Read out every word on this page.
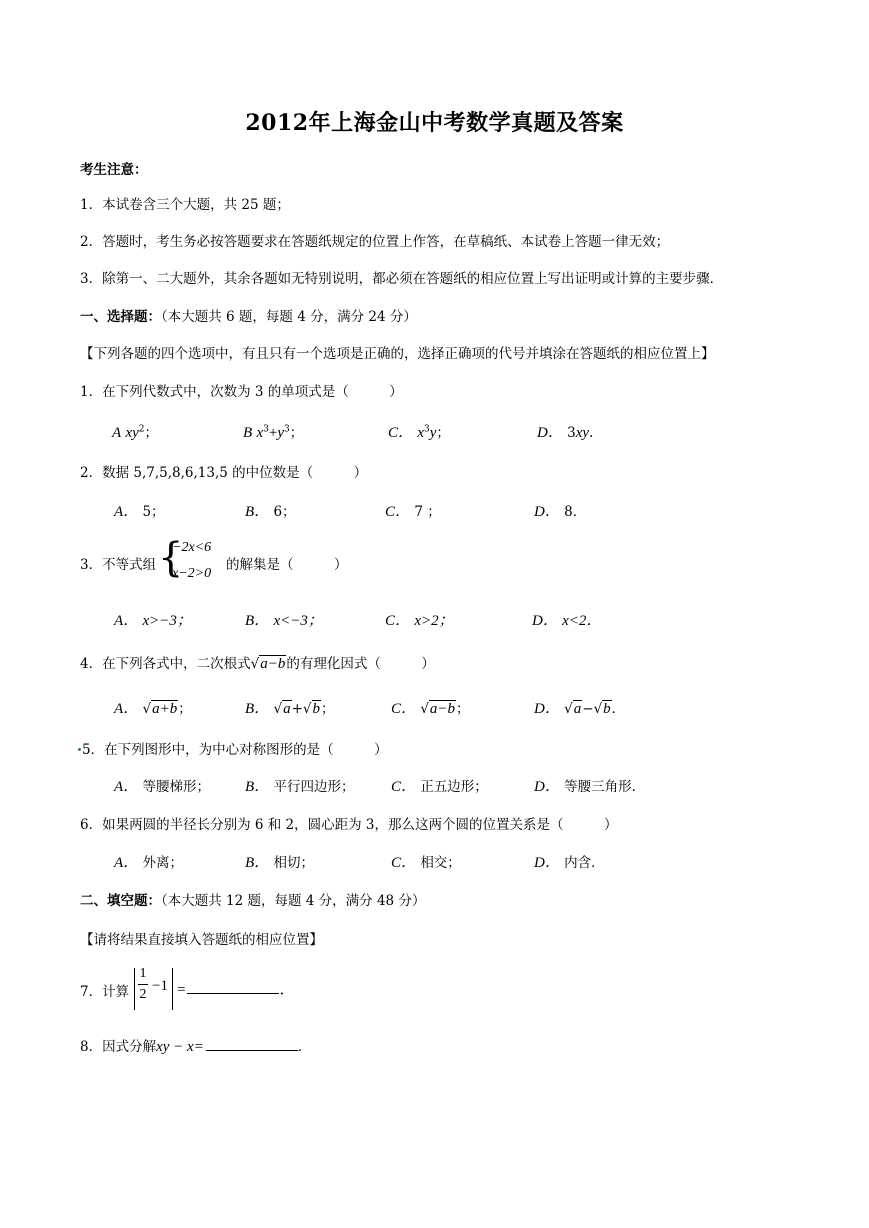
2012年上海金山中考数学真题及答案
考生注意：
1．本试卷含三个大题，共 25 题；
2．答题时，考生务必按答题要求在答题纸规定的位置上作答，在草稿纸、本试卷上答题一律无效；
3．除第一、二大题外，其余各题如无特别说明，都必须在答题纸的相应位置上写出证明或计算的主要步骤．
一、选择题：（本大题共 6 题，每题 4 分，满分 24 分）
【下列各题的四个选项中，有且只有一个选项是正确的，选择正确项的代号并填涂在答题纸的相应位置上】
1．在下列代数式中，次数为 3 的单项式是（　　　）
A $xy^2$；	B $x^3+y^3$；	C． $x^3y$；	D． 3xy．
2．数据 5,7,5,8,6,13,5 的中位数是（　　　）
A． 5；	B． 6；	C． 7 ；	D． 8．
3．不等式组 {
−2x<6
x−2>0
的解集是（　　　）
A． x>−3；	B． x<−3；	C． x>2；	D． x<2．
4．在下列各式中，二次根式√a−b的有理化因式（　　　）
A． √a+b；	B． √a+√b；	C． √a−b；	D． √a−√b．
5．在下列图形中，为中心对称图形的是（　　　）
A． 等腰梯形； B． 平行四边形； C． 正五边形；	D． 等腰三角形．
6．如果两圆的半径长分别为 6 和 2，圆心距为 3，那么这两个圆的位置关系是（　　　）
A． 外离；	B． 相切；	C． 相交；	D． 内含．
二、填空题：（本大题共 12 题，每题 4 分，满分 48 分）
【请将结果直接填入答题纸的相应位置】
7．计算
1
2
−1 =	．
8．因式分解xy − x=	．
